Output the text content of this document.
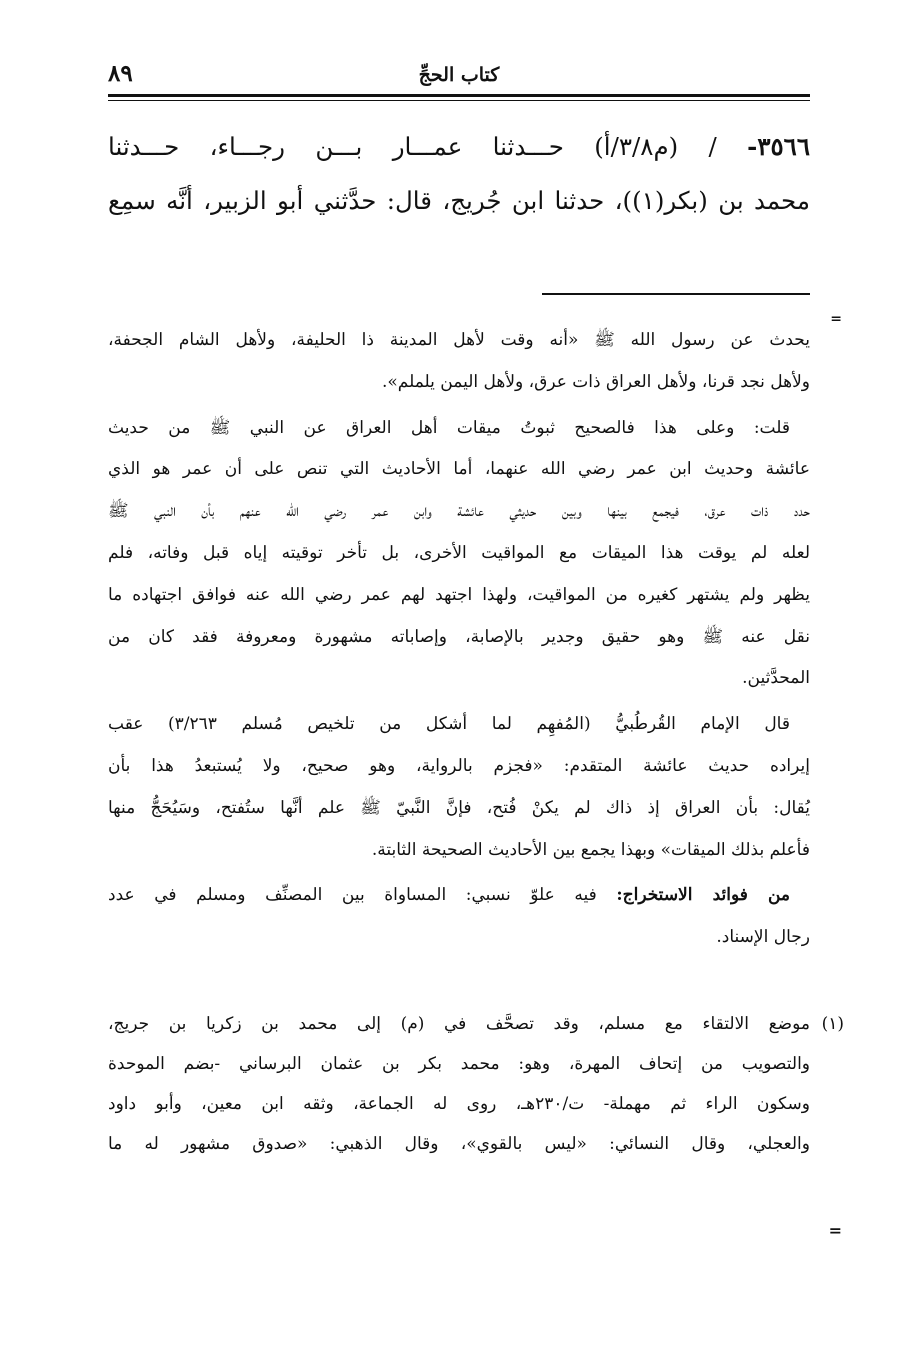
٨٩	كتاب الحجِّ
٣٥٦٦- / (م٣/٨/أ) حـــدثنا عمـــار بـــن رجـــاء، حـــدثنا
محمد بن (بكر(١))، حدثنا ابن جُريج، قال: حدَّثني أبو الزبير، أنَّه سمِع
=

يحدث عن رسول الله ﷺ «أنه وقت لأهل المدينة ذا الحليفة، ولأهل الشام الجحفة،
ولأهل نجد قرنا، ولأهل العراق ذات عرق، ولأهل اليمن يلملم».

قلت: وعلى هذا فالصحيح ثبوتُ ميقات أهل العراق عن النبي ﷺ من حديث
عائشة وحديث ابن عمر رضي الله عنهما، أما الأحاديث التي تنص على أن عمر هو الذي
حدد ذات عرق، فيجمع بينها وبين حديثي عائشة وابن عمر رضي الله عنهم بأن النبي ﷺ
لعله لم يوقت هذا الميقات مع المواقيت الأخرى، بل تأخر توقيته إياه قبل وفاته، فلم
يظهر ولم يشتهر كغيره من المواقيت، ولهذا اجتهد لهم عمر رضي الله عنه فوافق اجتهاده ما
نقل عنه ﷺ وهو حقيق وجدير بالإصابة، وإصاباته مشهورة ومعروفة فقد كان من
المحدَّثين.

قال الإمام القُرطُبيُّ (المُفهِم لما أشكل من تلخيص مُسلم ٣/٢٦٣) عقب
إيراده حديث عائشة المتقدم: «فجزم بالرواية، وهو صحيح، ولا يُستبعدُ هذا بأن
يُقال: بأن العراق إذ ذاك لم يكنْ فُتح، فإنَّ النَّبيّ ﷺ علم أنَّها ستُفتح، وسَيُحَجُّ منها
فأعلم بذلك الميقات» وبهذا يجمع بين الأحاديث الصحيحة الثابتة.

من فوائد الاستخراج: فيه علوّ نسبي: المساواة بين المصنِّف ومسلم في عدد
رجال الإسناد.

(١)
موضع الالتقاء مع مسلم، وقد تصحَّف في (م) إلى محمد بن زكريا بن جريج،
والتصويب من إتحاف المهرة، وهو: محمد بكر بن عثمان البرساني -بضم الموحدة
وسكون الراء ثم مهملة- ت/٢٣٠هـ، روى له الجماعة، وثقه ابن معين، وأبو داود
والعجلي، وقال النسائي: «ليس بالقوي»، وقال الذهبي: «صدوق مشهور له ما
=
